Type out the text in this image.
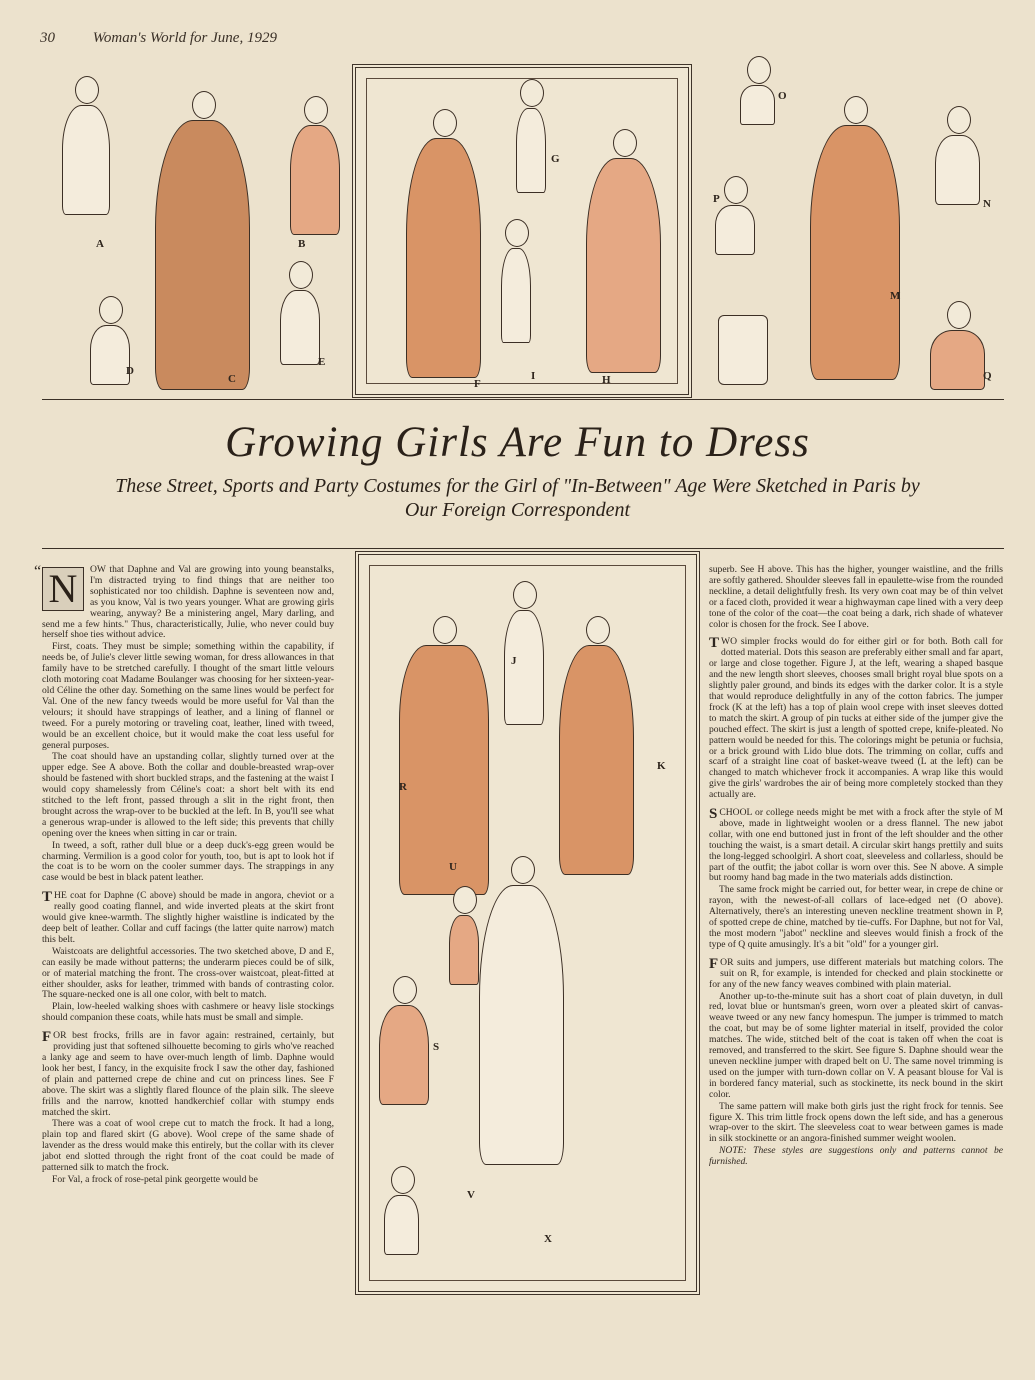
30	Woman's World for June, 1929
A	B
C
D
E
G
F
I	H
O
P
M
N
Q
Growing Girls Are Fun to Dress
These Street, Sports and Party Costumes for the Girl of "In-Between" Age Were Sketched in Paris by Our Foreign Correspondent
“ N	OW that Daphne and Val are growing into young beanstalks, I'm distracted trying to find things that are neither too sophisticated nor too childish. Daphne is seventeen now and, as you know, Val is two years younger. What are growing girls wearing, anyway? Be a ministering angel, Mary darling, and send me a few hints." Thus, characteristically, Julie, who never could buy herself shoe ties without advice.

First, coats. They must be simple; something within the capability, if needs be, of Julie's clever little sewing woman, for dress allowances in that family have to be stretched carefully. I thought of the smart little velours cloth motoring coat Madame Boulanger was choosing for her sixteen-year-old Céline the other day. Something on the same lines would be perfect for Val. One of the new fancy tweeds would be more useful for Val than the velours; it should have strappings of leather, and a lining of flannel or tweed. For a purely motoring or traveling coat, leather, lined with tweed, would be an excellent choice, but it would make the coat less useful for general purposes.

The coat should have an upstanding collar, slightly turned over at the upper edge. See A above. Both the collar and double-breasted wrap-over should be fastened with short buckled straps, and the fastening at the waist I would copy shamelessly from Céline's coat: a short belt with its end stitched to the left front, passed through a slit in the right front, then brought across the wrap-over to be buckled at the left. In B, you'll see what a generous wrap-under is allowed to the left side; this prevents that chilly opening over the knees when sitting in car or train.

In tweed, a soft, rather dull blue or a deep duck's-egg green would be charming. Vermilion is a good color for youth, too, but is apt to look hot if the coat is to be worn on the cooler summer days. The strappings in any case would be best in black patent leather.

THE coat for Daphne (C above) should be made in angora, cheviot or a really good coating flannel, and wide inverted pleats at the skirt front would give knee-warmth. The slightly higher waistline is indicated by the deep belt of leather. Collar and cuff facings (the latter quite narrow) match this belt.

Waistcoats are delightful accessories. The two sketched above, D and E, can easily be made without patterns; the underarm pieces could be of silk, or of material matching the front. The cross-over waistcoat, pleat-fitted at either shoulder, asks for leather, trimmed with bands of contrasting color. The square-necked one is all one color, with belt to match.

Plain, low-heeled walking shoes with cashmere or heavy lisle stockings should companion these coats, while hats must be small and simple.

FOR best frocks, frills are in favor again: restrained, certainly, but providing just that softened silhouette becoming to girls who've reached a lanky age and seem to have over-much length of limb. Daphne would look her best, I fancy, in the exquisite frock I saw the other day, fashioned of plain and patterned crepe de chine and cut on princess lines. See F above. The skirt was a slightly flared flounce of the plain silk. The sleeve frills and the narrow, knotted handkerchief collar with stumpy ends matched the skirt.

There was a coat of wool crepe cut to match the frock. It had a long, plain top and flared skirt (G above). Wool crepe of the same shade of lavender as the dress would make this entirely, but the collar with its clever jabot end slotted through the right front of the coat could be made of patterned silk to match the frock.

For Val, a frock of rose-petal pink georgette would be

R
J
K
U
S
V
X

superb. See H above. This has the higher, younger waistline, and the frills are softly gathered. Shoulder sleeves fall in epaulette-wise from the rounded neckline, a detail delightfully fresh. Its very own coat may be of thin velvet or a faced cloth, provided it wear a highwayman cape lined with a very deep tone of the color of the coat—the coat being a dark, rich shade of whatever color is chosen for the frock. See I above.

TWO simpler frocks would do for either girl or for both. Both call for dotted material. Dots this season are preferably either small and far apart, or large and close together. Figure J, at the left, wearing a shaped basque and the new length short sleeves, chooses small bright royal blue spots on a slightly paler ground, and binds its edges with the darker color. It is a style that would reproduce delightfully in any of the cotton fabrics. The jumper frock (K at the left) has a top of plain wool crepe with inset sleeves dotted to match the skirt. A group of pin tucks at either side of the jumper give the pouched effect. The skirt is just a length of spotted crepe, knife-pleated. No pattern would be needed for this. The colorings might be petunia or fuchsia, or a brick ground with Lido blue dots. The trimming on collar, cuffs and scarf of a straight line coat of basket-weave tweed (L at the left) can be changed to match whichever frock it accompanies. A wrap like this would give the girls' wardrobes the air of being more completely stocked than they actually are.

SCHOOL or college needs might be met with a frock after the style of M above, made in lightweight woolen or a dress flannel. The new jabot collar, with one end buttoned just in front of the left shoulder and the other touching the waist, is a smart detail. A circular skirt hangs prettily and suits the long-legged schoolgirl. A short coat, sleeveless and collarless, should be part of the outfit; the jabot collar is worn over this. See N above. A simple but roomy hand bag made in the two materials adds distinction.

The same frock might be carried out, for better wear, in crepe de chine or rayon, with the newest-of-all collars of lace-edged net (O above). Alternatively, there's an interesting uneven neckline treatment shown in P, of spotted crepe de chine, matched by tie-cuffs. For Daphne, but not for Val, the most modern "jabot" neckline and sleeves would finish a frock of the type of Q quite amusingly. It's a bit "old" for a younger girl.

FOR suits and jumpers, use different materials but matching colors. The suit on R, for example, is intended for checked and plain stockinette or for any of the new fancy weaves combined with plain material.

Another up-to-the-minute suit has a short coat of plain duvetyn, in dull red, lovat blue or huntsman's green, worn over a pleated skirt of canvas-weave tweed or any new fancy homespun. The jumper is trimmed to match the coat, but may be of some lighter material in itself, provided the color matches. The wide, stitched belt of the coat is taken off when the coat is removed, and transferred to the skirt. See figure S. Daphne should wear the uneven neckline jumper with draped belt on U. The same novel trimming is used on the jumper with turn-down collar on V. A peasant blouse for Val is in bordered fancy material, such as stockinette, its neck bound in the skirt color.

The same pattern will make both girls just the right frock for tennis. See figure X. This trim little frock opens down the left side, and has a generous wrap-over to the skirt. The sleeveless coat to wear between games is made in silk stockinette or an angora-finished summer weight woolen.

NOTE: These styles are suggestions only and patterns cannot be furnished.
